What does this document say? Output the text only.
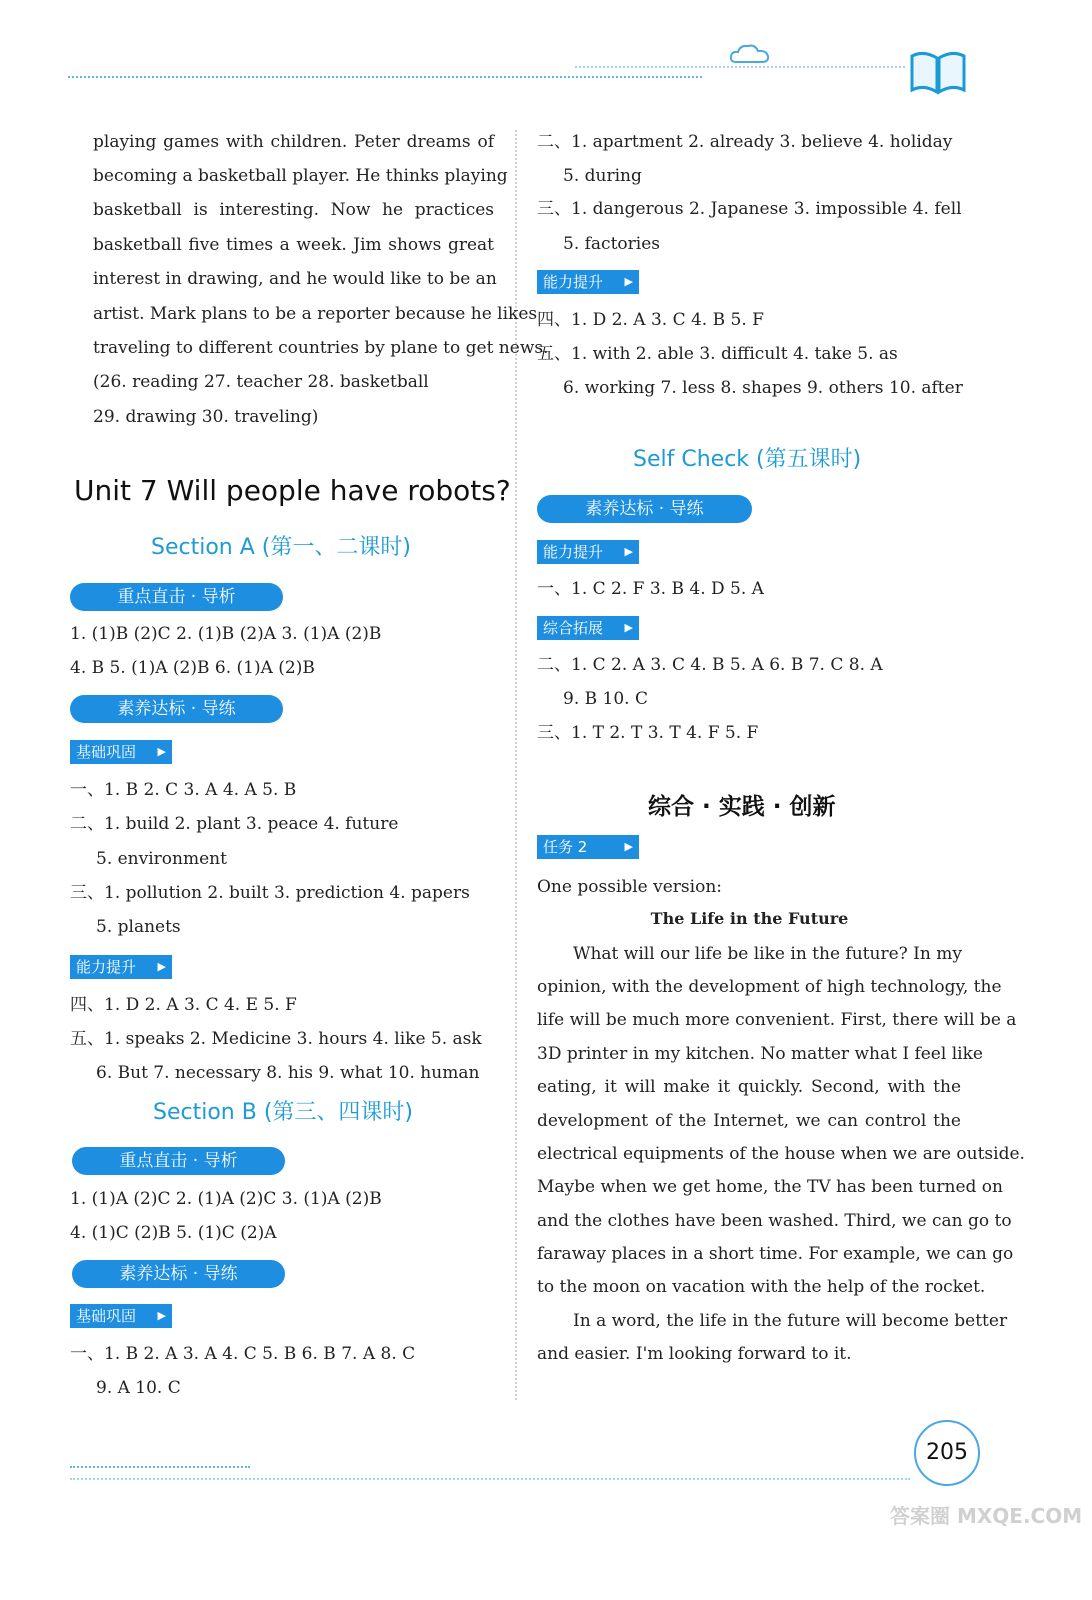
playing games with children. Peter dreams of
becoming a basketball player. He thinks playing
basketball is interesting. Now he practices
basketball five times a week. Jim shows great
interest in drawing, and he would like to be an
artist. Mark plans to be a reporter because he likes
traveling to different countries by plane to get news.
(26. reading 27. teacher 28. basketball
29. drawing 30. traveling)
Unit 7 Will people have robots?
Section A (第一、二课时)
重点直击 · 导析
1. (1)B (2)C 2. (1)B (2)A 3. (1)A (2)B
4. B 5. (1)A (2)B 6. (1)A (2)B
素养达标 · 导练
基础巩固 ▶
一、1. B 2. C 3. A 4. A 5. B
二、1. build 2. plant 3. peace 4. future
5. environment
三、1. pollution 2. built 3. prediction 4. papers
5. planets
能力提升 ▶
四、1. D 2. A 3. C 4. E 5. F
五、1. speaks 2. Medicine 3. hours 4. like 5. ask
6. But 7. necessary 8. his 9. what 10. human
Section B (第三、四课时)
重点直击 · 导析
1. (1)A (2)C 2. (1)A (2)C 3. (1)A (2)B
4. (1)C (2)B 5. (1)C (2)A
素养达标 · 导练
基础巩固 ▶
一、1. B 2. A 3. A 4. C 5. B 6. B 7. A 8. C
9. A 10. C
二、1. apartment 2. already 3. believe 4. holiday
5. during
三、1. dangerous 2. Japanese 3. impossible 4. fell
5. factories
能力提升 ▶
四、1. D 2. A 3. C 4. B 5. F
五、1. with 2. able 3. difficult 4. take 5. as
6. working 7. less 8. shapes 9. others 10. after
Self Check (第五课时)
素养达标 · 导练
能力提升 ▶
一、1. C 2. F 3. B 4. D 5. A
综合拓展 ▶
二、1. C 2. A 3. C 4. B 5. A 6. B 7. C 8. A
9. B 10. C
三、1. T 2. T 3. T 4. F 5. F
综合 · 实践 · 创新
任务 2 ▶
One possible version:
The Life in the Future
What will our life be like in the future? In my
opinion, with the development of high technology, the
life will be much more convenient. First, there will be a
3D printer in my kitchen. No matter what I feel like
eating, it will make it quickly. Second, with the
development of the Internet, we can control the
electrical equipments of the house when we are outside.
Maybe when we get home, the TV has been turned on
and the clothes have been washed. Third, we can go to
faraway places in a short time. For example, we can go
to the moon on vacation with the help of the rocket.
In a word, the life in the future will become better
and easier. I'm looking forward to it.
205
答案圈 MXQE.COM
